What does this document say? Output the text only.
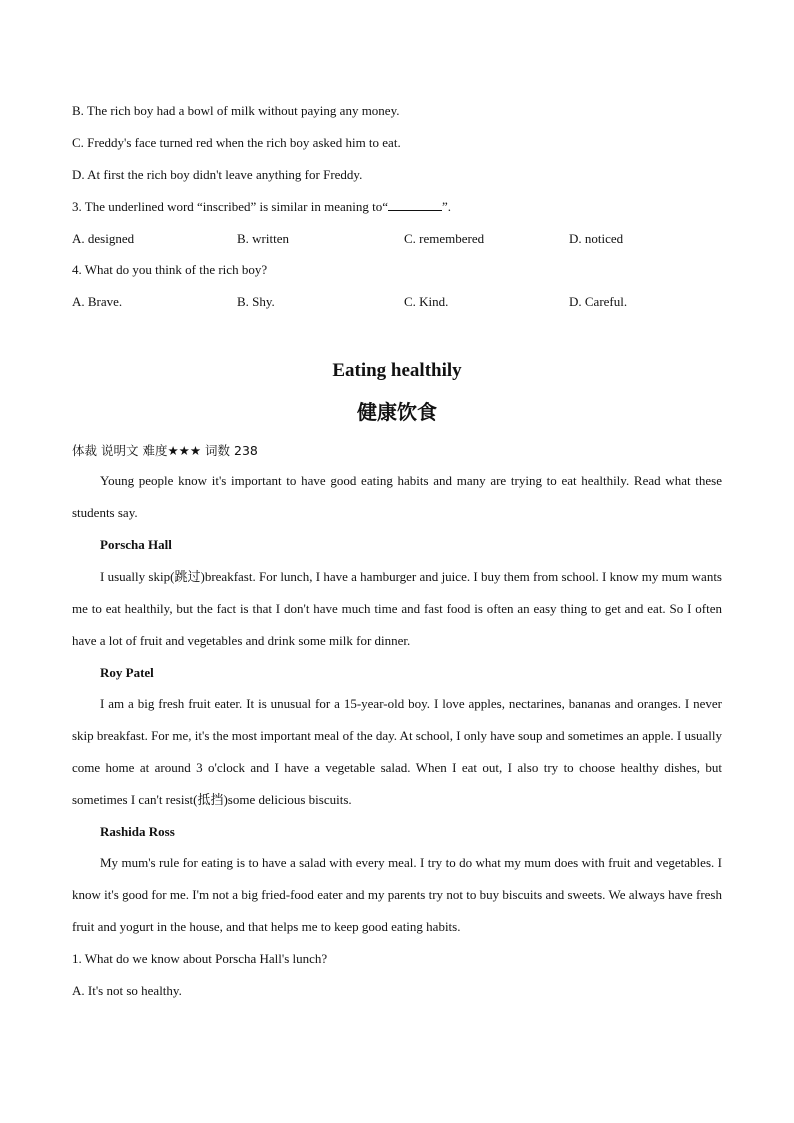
B. The rich boy had a bowl of milk without paying any money.
C. Freddy's face turned red when the rich boy asked him to eat.
D. At first the rich boy didn't leave anything for Freddy.
3. The underlined word “inscribed” is similar in meaning to“	”.
A. designed	B. written	C. remembered	D. noticed
4. What do you think of the rich boy?
A. Brave.	B. Shy.	C. Kind.	D. Careful.
Eating healthily
健康饮食
体裁 说明文 难度★★★ 词数 238
Young people know it's important to have good eating habits and many are trying to eat healthily. Read what these students say.
Porscha Hall
I usually skip(跳过)breakfast. For lunch, I have a hamburger and juice. I buy them from school. I know my mum wants me to eat healthily, but the fact is that I don't have much time and fast food is often an easy thing to get and eat. So I often have a lot of fruit and vegetables and drink some milk for dinner.
Roy Patel
I am a big fresh fruit eater. It is unusual for a 15-year-old boy. I love apples, nectarines, bananas and oranges. I never skip breakfast. For me, it's the most important meal of the day. At school, I only have soup and sometimes an apple. I usually come home at around 3 o'clock and I have a vegetable salad. When I eat out, I also try to choose healthy dishes, but sometimes I can't resist(抵挡)some delicious biscuits.
Rashida Ross
My mum's rule for eating is to have a salad with every meal. I try to do what my mum does with fruit and vegetables. I know it's good for me. I'm not a big fried-food eater and my parents try not to buy biscuits and sweets. We always have fresh fruit and yogurt in the house, and that helps me to keep good eating habits.
1. What do we know about Porscha Hall's lunch?
A. It's not so healthy.
